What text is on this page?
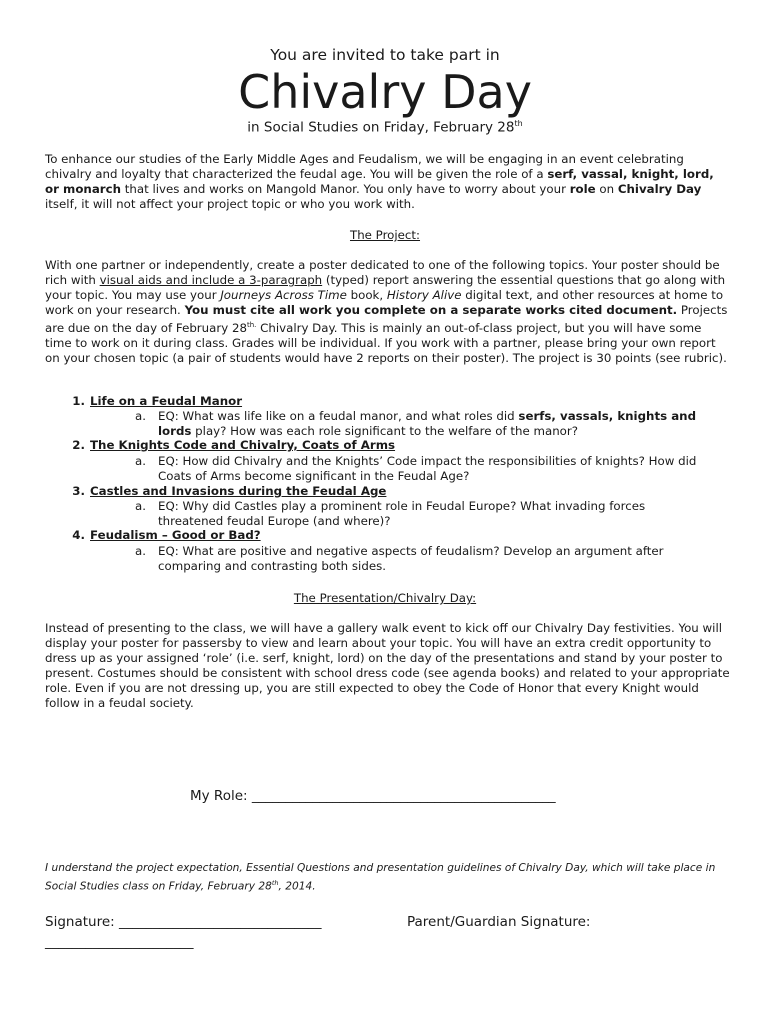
You are invited to take part in
Chivalry Day
in Social Studies on Friday, February 28th
To enhance our studies of the Early Middle Ages and Feudalism, we will be engaging in an event celebrating chivalry and loyalty that characterized the feudal age. You will be given the role of a serf, vassal, knight, lord, or monarch that lives and works on Mangold Manor. You only have to worry about your role on Chivalry Day itself, it will not affect your project topic or who you work with.
The Project:
With one partner or independently, create a poster dedicated to one of the following topics. Your poster should be rich with visual aids and include a 3-paragraph (typed) report answering the essential questions that go along with your topic. You may use your Journeys Across Time book, History Alive digital text, and other resources at home to work on your research. You must cite all work you complete on a separate works cited document. Projects are due on the day of February $28^{th.}$ Chivalry Day. This is mainly an out-of-class project, but you will have some time to work on it during class. Grades will be individual. If you work with a partner, please bring your own report on your chosen topic (a pair of students would have 2 reports on their poster). The project is 30 points (see rubric).
1. Life on a Feudal Manor
a. EQ: What was life like on a feudal manor, and what roles did serfs, vassals, knights and
lords play? How was each role significant to the welfare of the manor?
2. The Knights Code and Chivalry, Coats of Arms
a. EQ: How did Chivalry and the Knights’ Code impact the responsibilities of knights? How did
Coats of Arms become significant in the Feudal Age?
3. Castles and Invasions during the Feudal Age
a. EQ: Why did Castles play a prominent role in Feudal Europe? What invading forces
threatened feudal Europe (and where)?
4. Feudalism – Good or Bad?
a. EQ: What are positive and negative aspects of feudalism? Develop an argument after
comparing and contrasting both sides.
The Presentation/Chivalry Day:
Instead of presenting to the class, we will have a gallery walk event to kick off our Chivalry Day festivities. You will display your poster for passersby to view and learn about your topic. You will have an extra credit opportunity to dress up as your assigned ‘role’ (i.e. serf, knight, lord) on the day of the presentations and stand by your poster to present. Costumes should be consistent with school dress code (see agenda books) and related to your appropriate role. Even if you are not dressing up, you are still expected to obey the Code of Honor that every Knight would follow in a feudal society.
My Role: _____________________________________________
I understand the project expectation, Essential Questions and presentation guidelines of Chivalry Day, which will take place in Social Studies class on Friday, February 28th, 2014.
Signature: ______________________________	Parent/Guardian Signature:
______________________
